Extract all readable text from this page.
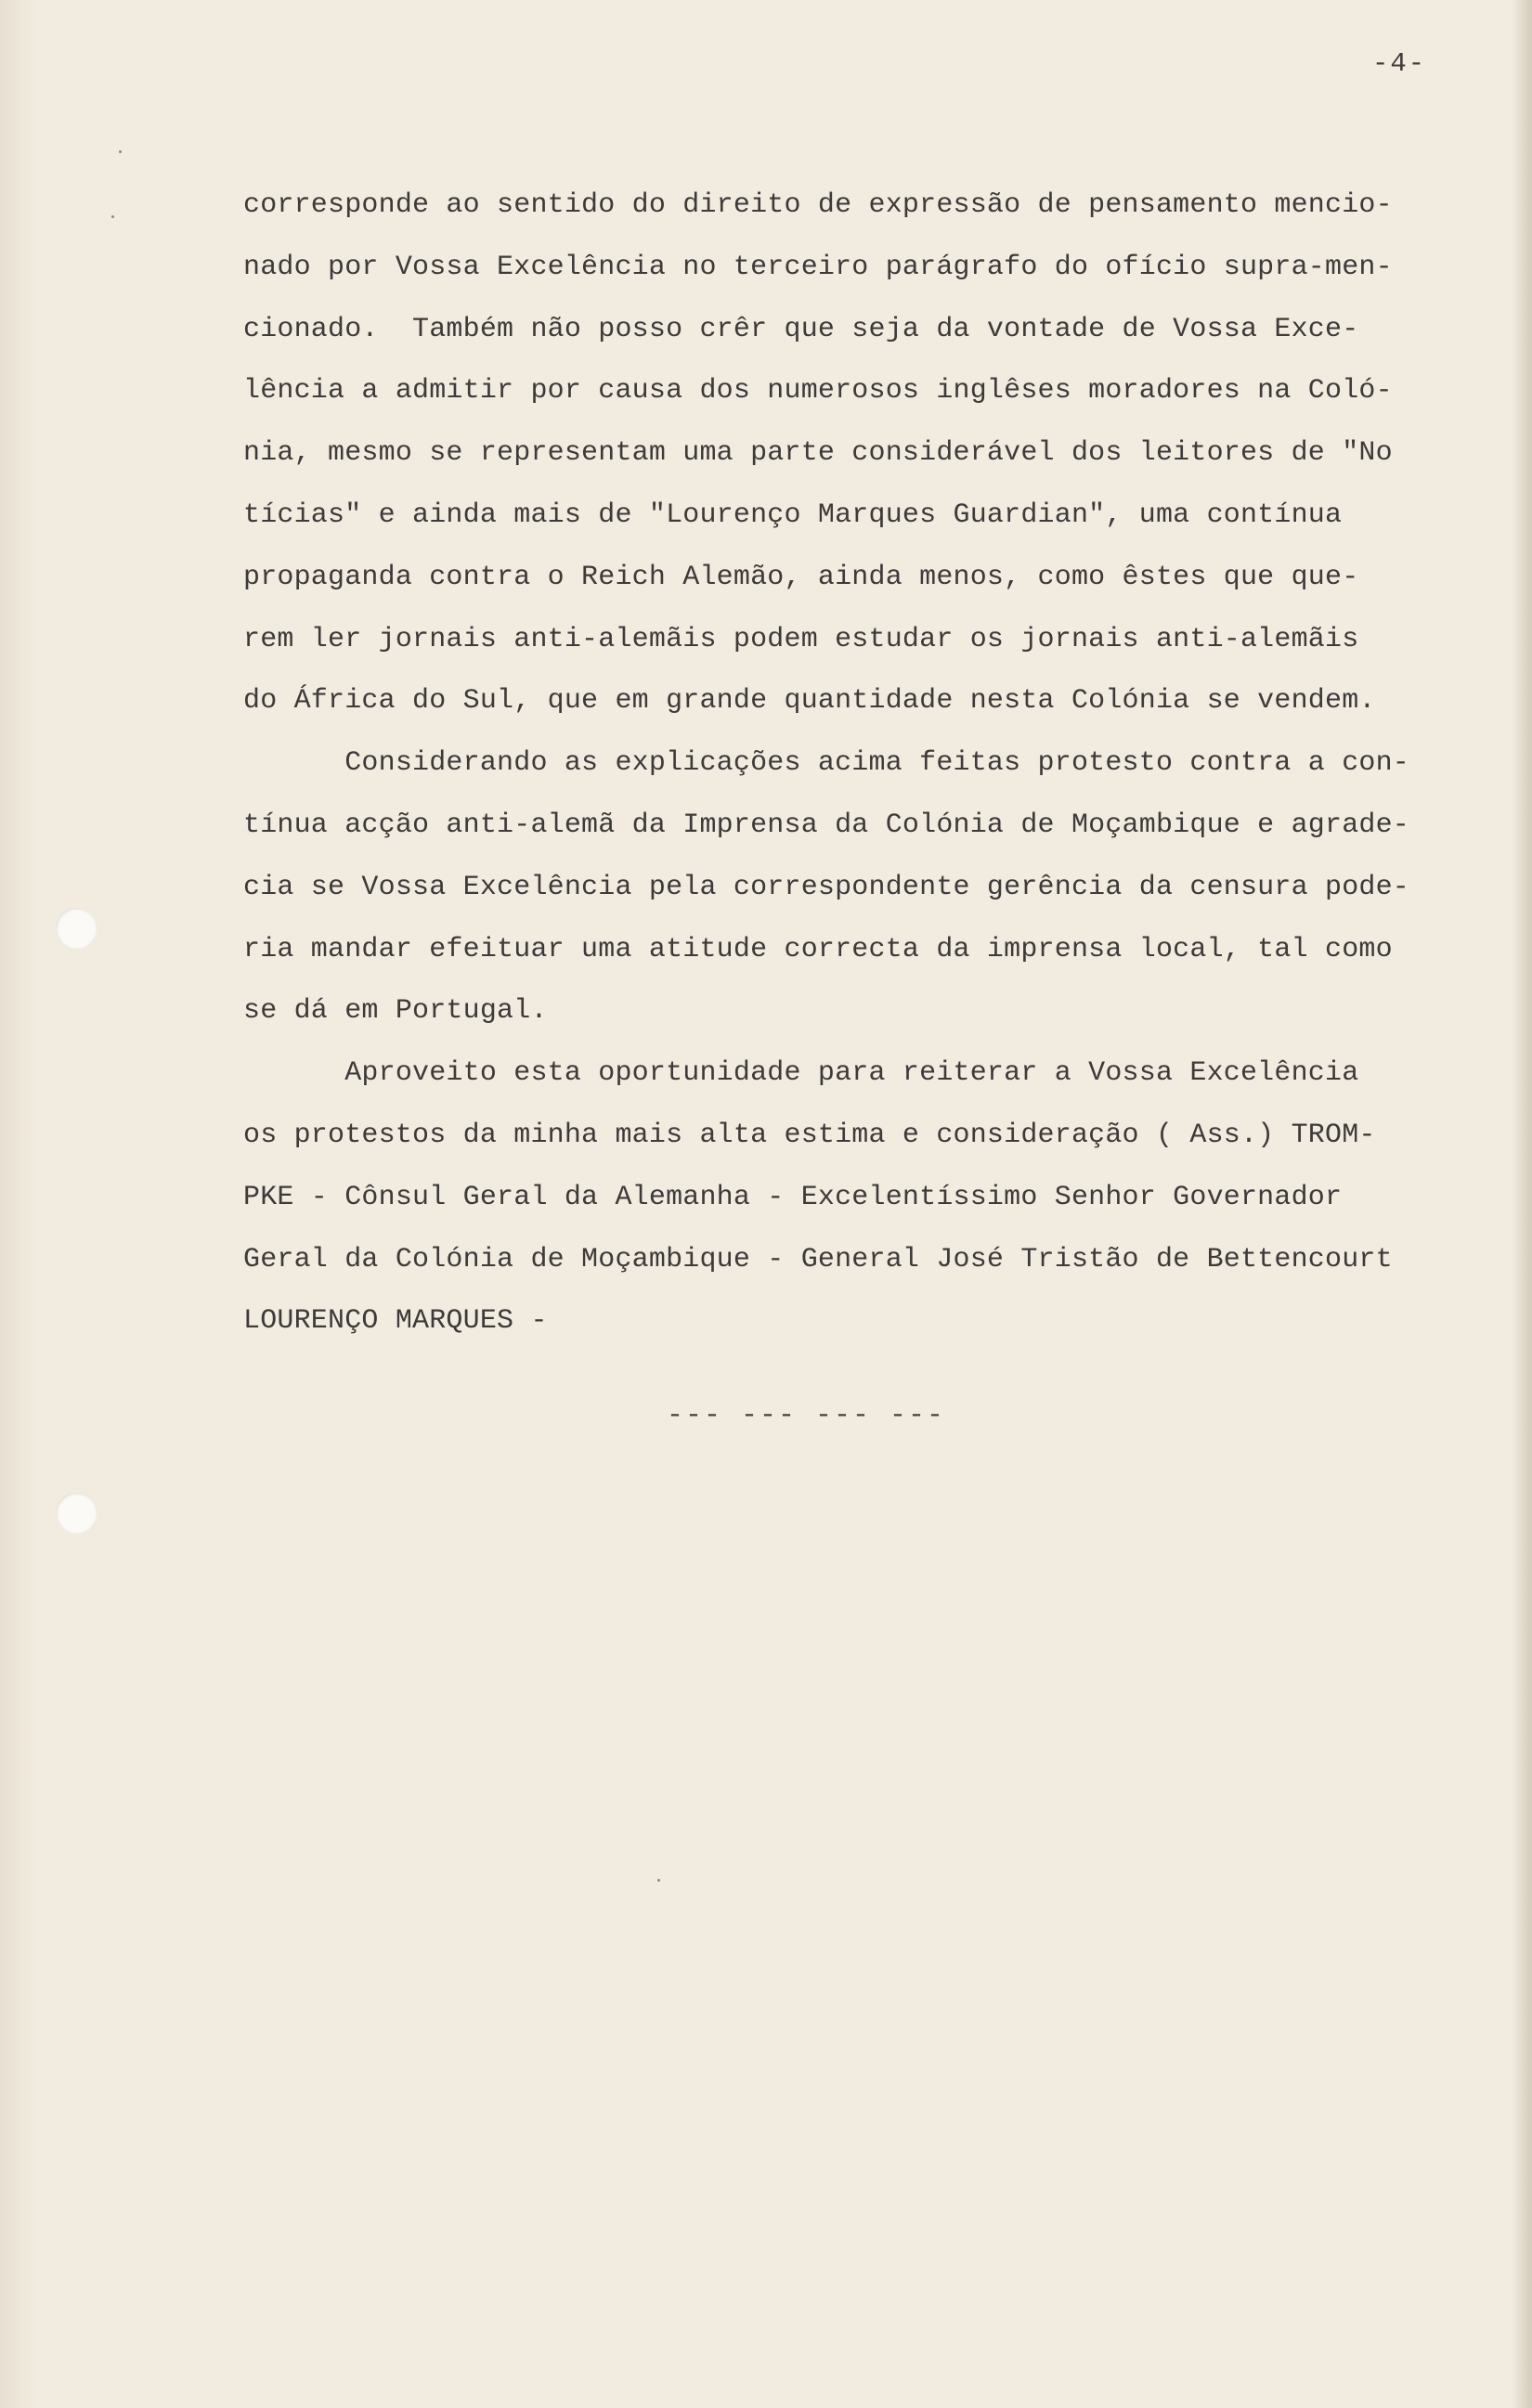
-4-
corresponde ao sentido do direito de expressão de pensamento mencio-
nado por Vossa Excelência no terceiro parágrafo do ofício supra-men-
cionado.  Também não posso crêr que seja da vontade de Vossa Exce-
lência a admitir por causa dos numerosos inglêses moradores na Coló-
nia, mesmo se representam uma parte considerável dos leitores de "No
tícias" e ainda mais de "Lourenço Marques Guardian", uma contínua
propaganda contra o Reich Alemão, ainda menos, como êstes que que-
rem ler jornais anti-alemãis podem estudar os jornais anti-alemãis
do África do Sul, que em grande quantidade nesta Colónia se vendem.
Considerando as explicações acima feitas protesto contra a con-
tínua acção anti-alemã da Imprensa da Colónia de Moçambique e agrade-
cia se Vossa Excelência pela correspondente gerência da censura pode-
ria mandar efeituar uma atitude correcta da imprensa local, tal como
se dá em Portugal.
Aproveito esta oportunidade para reiterar a Vossa Excelência
os protestos da minha mais alta estima e consideração ( Ass.) TROM-
PKE - Cônsul Geral da Alemanha - Excelentíssimo Senhor Governador
Geral da Colónia de Moçambique - General José Tristão de Bettencourt
LOURENÇO MARQUES -
--- --- --- ---
